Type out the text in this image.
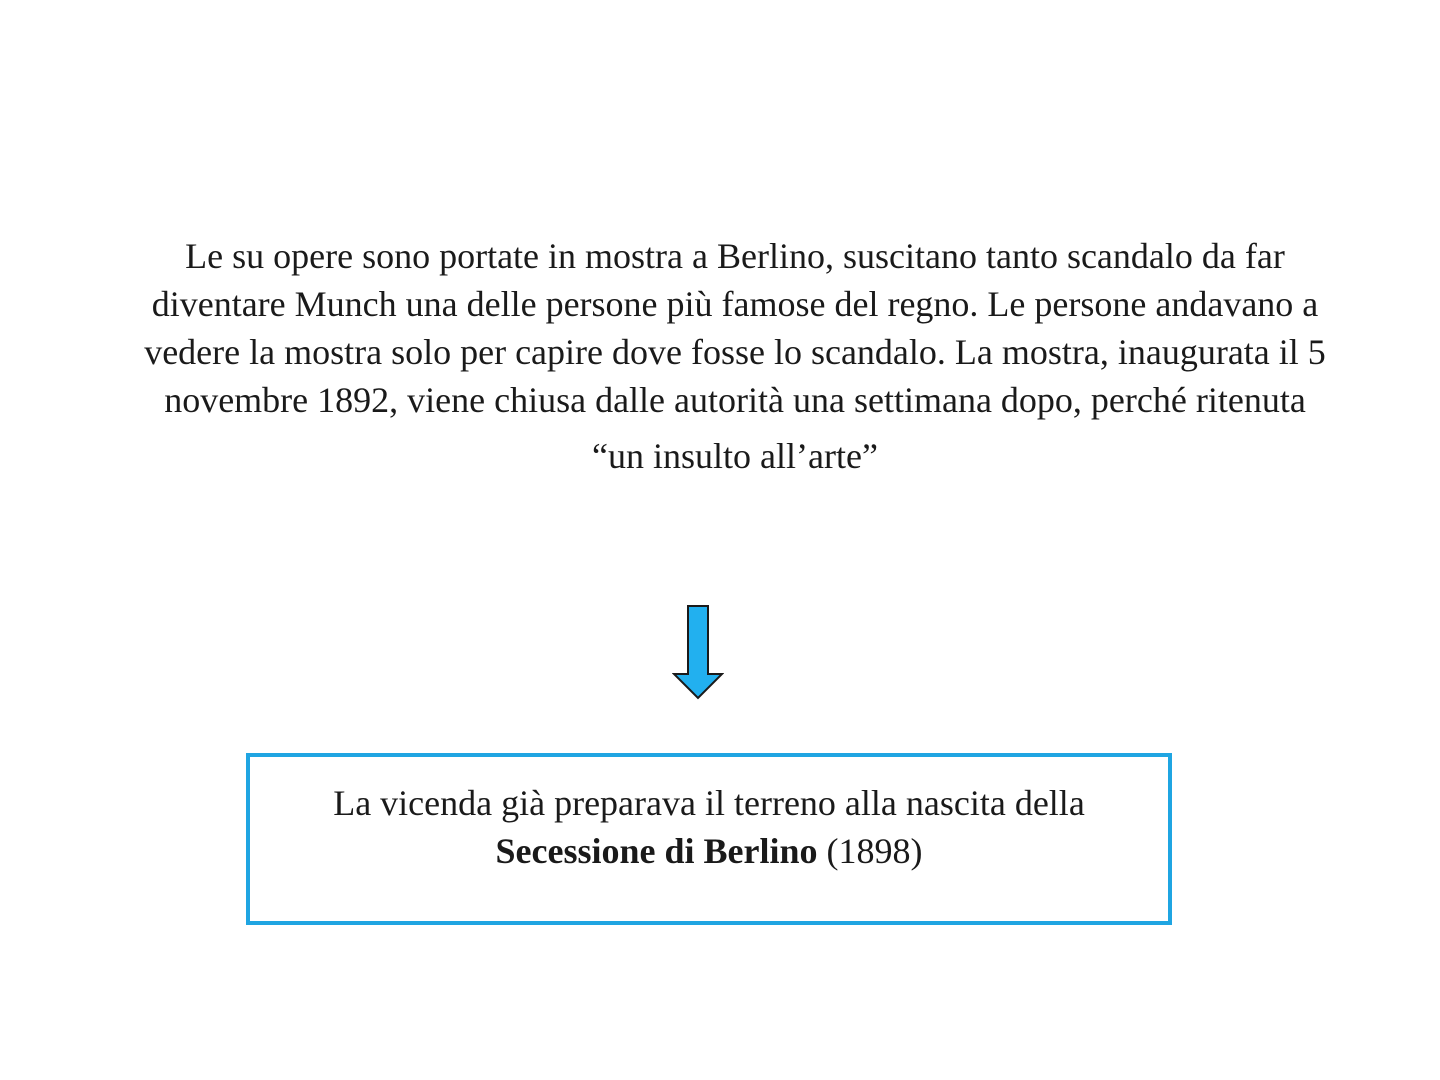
Le su opere sono portate in mostra a Berlino, suscitano tanto scandalo da far
diventare Munch una delle persone più famose del regno. Le persone andavano a
vedere la mostra solo per capire dove fosse lo scandalo. La mostra, inaugurata il 5
novembre 1892, viene chiusa dalle autorità una settimana dopo, perché ritenuta
“un insulto all’arte”

La vicenda già preparava il terreno alla nascita della
Secessione di Berlino (1898)
